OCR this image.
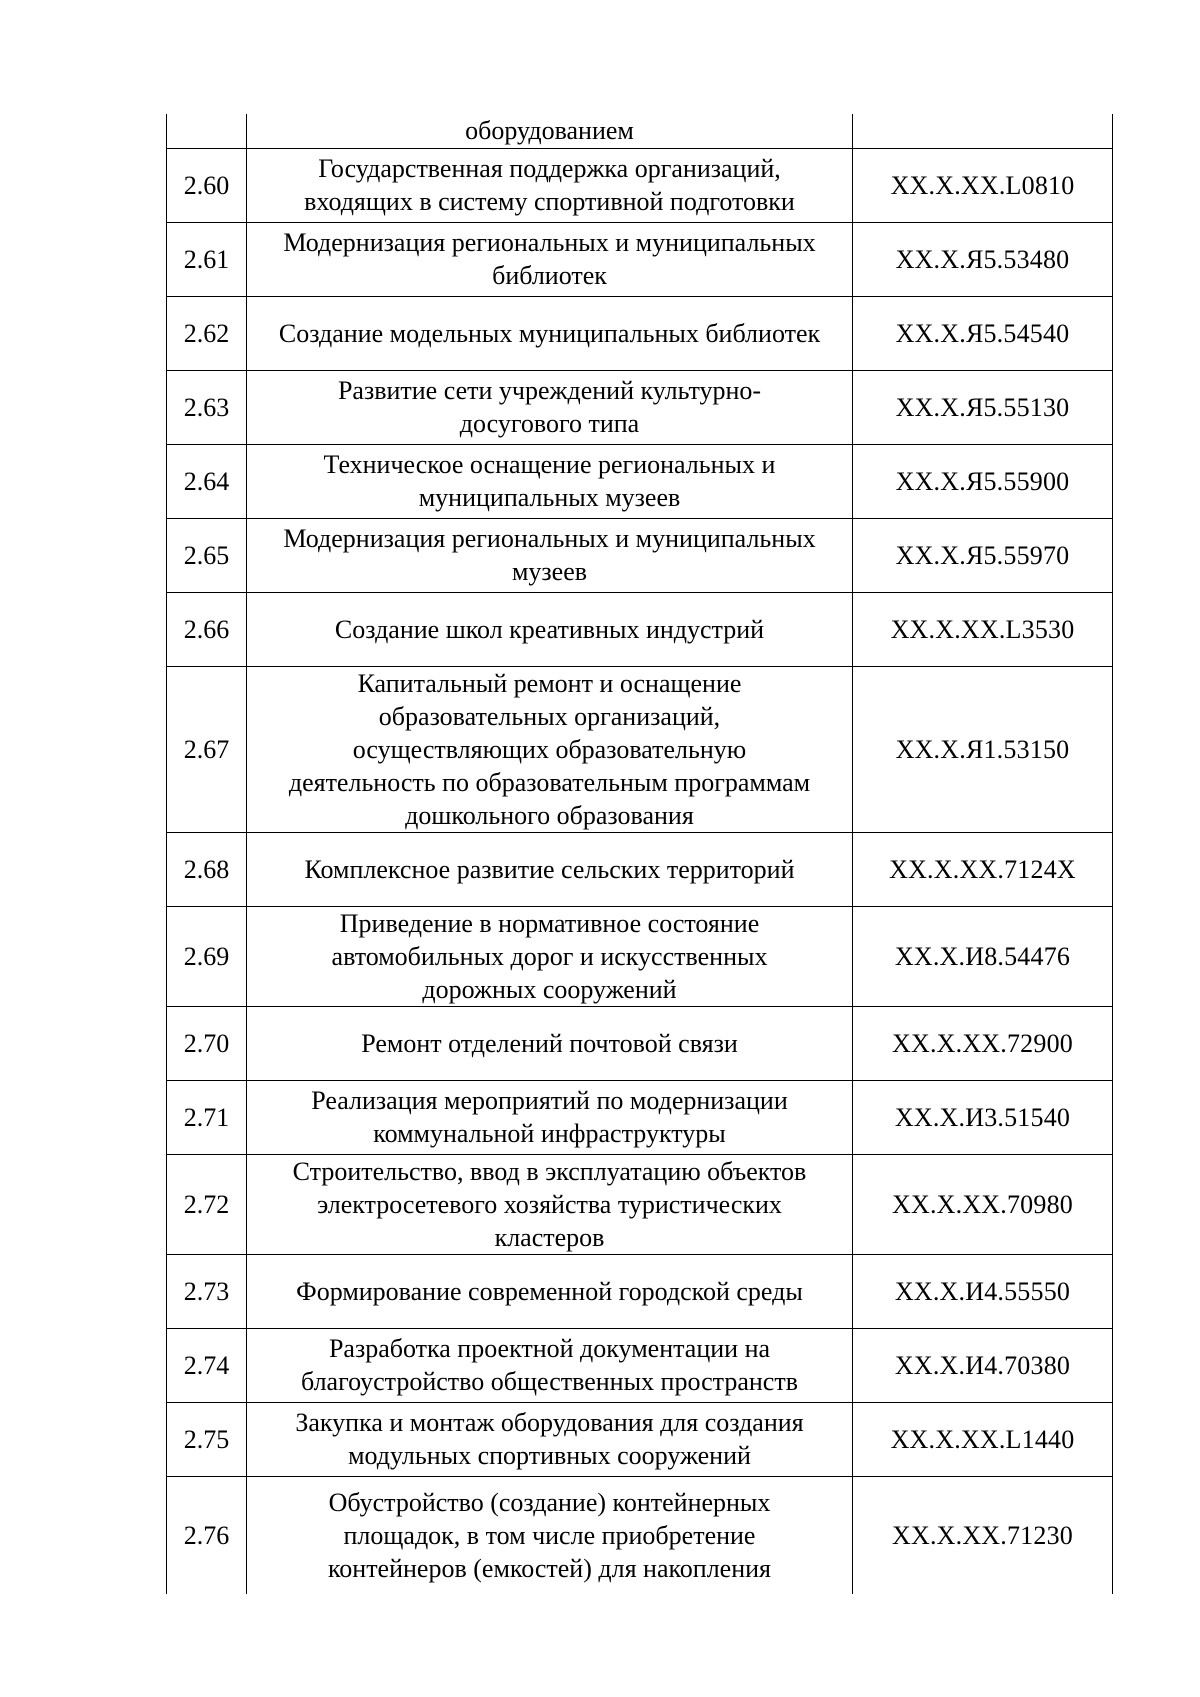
	оборудованием	
2.60	Государственная поддержка организаций,
входящих в систему спортивной подготовки	XX.X.XX.L0810
2.61	Модернизация региональных и муниципальных
библиотек	XX.X.Я5.53480
2.62	Создание модельных муниципальных библиотек	XX.X.Я5.54540
2.63	Развитие сети учреждений культурно-
досугового типа	XX.X.Я5.55130
2.64	Техническое оснащение региональных и
муниципальных музеев	XX.X.Я5.55900
2.65	Модернизация региональных и муниципальных
музеев	XX.X.Я5.55970
2.66	Создание школ креативных индустрий	XX.X.XX.L3530
2.67	Капитальный ремонт и оснащение
образовательных организаций,
осуществляющих образовательную
деятельность по образовательным программам
дошкольного образования	XX.X.Я1.53150
2.68	Комплексное развитие сельских территорий	XX.X.XX.7124X
2.69	Приведение в нормативное состояние
автомобильных дорог и искусственных
дорожных сооружений	XX.X.И8.54476
2.70	Ремонт отделений почтовой связи	XX.X.XX.72900
2.71	Реализация мероприятий по модернизации
коммунальной инфраструктуры	XX.X.И3.51540
2.72	Строительство, ввод в эксплуатацию объектов
электросетевого хозяйства туристических
кластеров	XX.X.XX.70980
2.73	Формирование современной городской среды	XX.X.И4.55550
2.74	Разработка проектной документации на
благоустройство общественных пространств	XX.X.И4.70380
2.75	Закупка и монтаж оборудования для создания
модульных спортивных сооружений	XX.X.XX.L1440
2.76	Обустройство (создание) контейнерных
площадок, в том числе приобретение
контейнеров (емкостей) для накопления	XX.X.XX.71230
